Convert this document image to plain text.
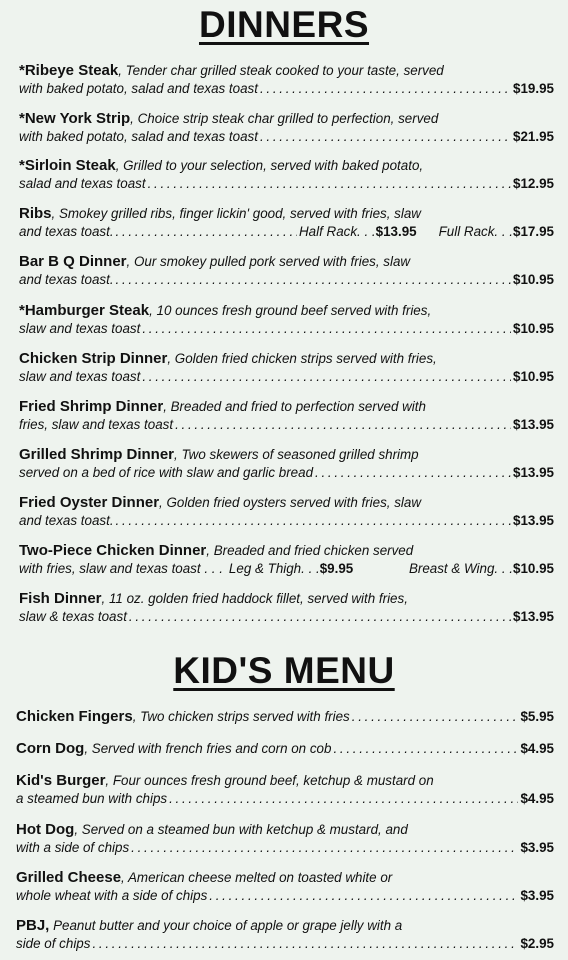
DINNERS
*Ribeye Steak, Tender char grilled steak cooked to your taste, served
with baked potato, salad and texas toast . . .	$19.95
*New York Strip, Choice strip steak char grilled to perfection, served
with baked potato, salad and texas toast . . .	$21.95
*Sirloin Steak, Grilled to your selection, served with baked potato,
salad and texas toast . . .	$12.95
Ribs, Smokey grilled ribs, finger lickin' good, served with fries, slaw
and texas toast. . . .	Half Rack. . . $13.95 Full Rack. . . $17.95
Bar B Q Dinner, Our smokey pulled pork served with fries, slaw
and texas toast. . . .	$10.95
*Hamburger Steak, 10 ounces fresh ground beef served with fries,
slaw and texas toast . . .	$10.95
Chicken Strip Dinner, Golden fried chicken strips served with fries,
slaw and texas toast . . .	$10.95
Fried Shrimp Dinner, Breaded and fried to perfection served with
fries, slaw and texas toast . . .	$13.95
Grilled Shrimp Dinner, Two skewers of seasoned grilled shrimp
served on a bed of rice with slaw and garlic bread . . .	$13.95
Fried Oyster Dinner, Golden fried oysters served with fries, slaw
and texas toast. . . .	$13.95
Two-Piece Chicken Dinner, Breaded and fried chicken served
with fries, slaw and texas toast . . . Leg & Thigh. . . $9.95	Breast & Wing. . . $10.95
Fish Dinner, 11 oz. golden fried haddock fillet, served with fries,
slaw & texas toast . . .	$13.95
KID'S MENU
Chicken Fingers , Two chicken strips served with fries . . .	$5.95
Corn Dog , Served with french fries and corn on cob . . .	$4.95
Kid's Burger, Four ounces fresh ground beef, ketchup & mustard on
a steamed bun with chips . . .	$4.95
Hot Dog, Served on a steamed bun with ketchup & mustard, and
with a side of chips . . .	$3.95
Grilled Cheese, American cheese melted on toasted white or
whole wheat with a side of chips . . .	$3.95
PBJ, Peanut butter and your choice of apple or grape jelly with a
side of chips . . .	$2.95
